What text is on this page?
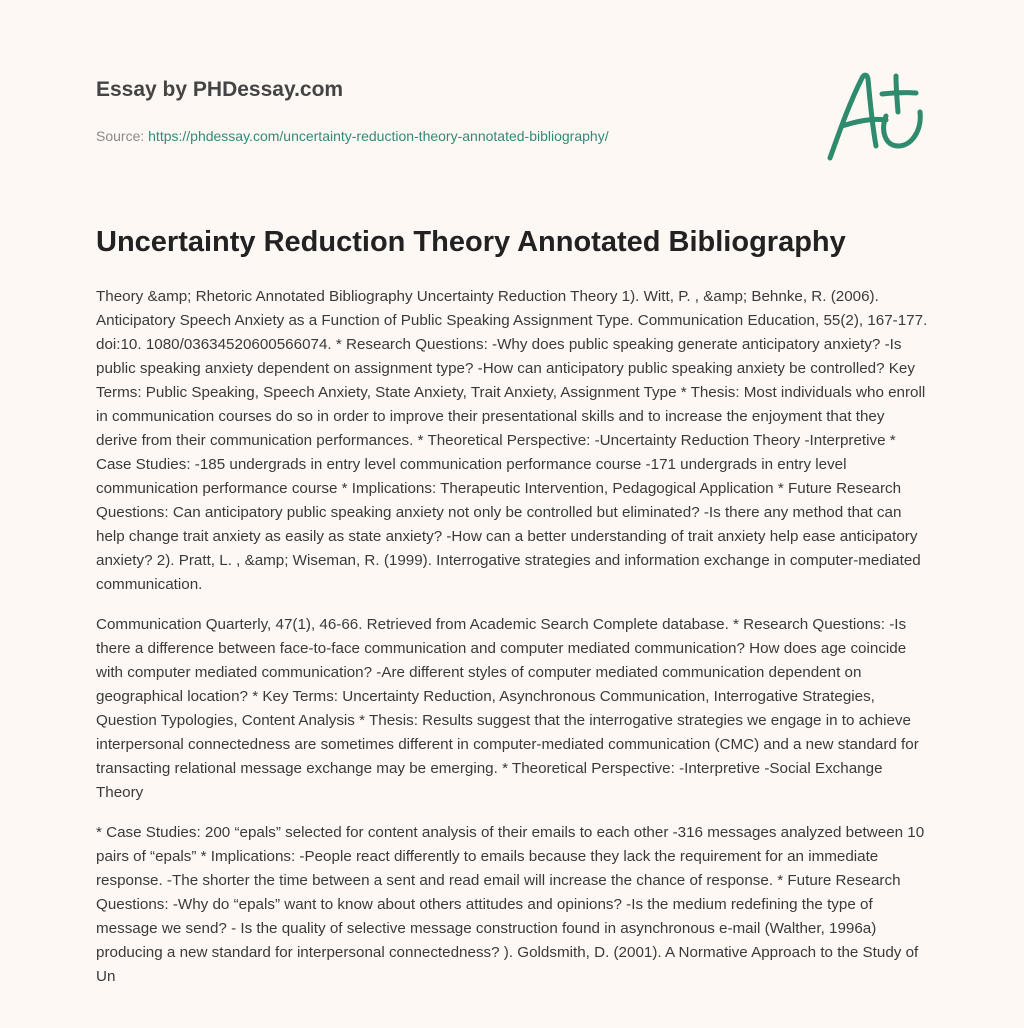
Essay by PHDessay.com
Source: https://phdessay.com/uncertainty-reduction-theory-annotated-bibliography/
Uncertainty Reduction Theory Annotated Bibliography

Theory &amp; Rhetoric Annotated Bibliography Uncertainty Reduction Theory 1). Witt, P. , &amp; Behnke, R. (2006). Anticipatory Speech Anxiety as a Function of Public Speaking Assignment Type. Communication Education, 55(2), 167-177. doi:10. 1080/03634520600566074. * Research Questions: -Why does public speaking generate anticipatory anxiety? -Is public speaking anxiety dependent on assignment type? -How can anticipatory public speaking anxiety be controlled? Key Terms: Public Speaking, Speech Anxiety, State Anxiety, Trait Anxiety, Assignment Type * Thesis: Most individuals who enroll in communication courses do so in order to improve their presentational skills and to increase the enjoyment that they derive from their communication performances. * Theoretical Perspective: -Uncertainty Reduction Theory -Interpretive * Case Studies: -185 undergrads in entry level communication performance course -171 undergrads in entry level communication performance course * Implications: Therapeutic Intervention, Pedagogical Application * Future Research Questions: Can anticipatory public speaking anxiety not only be controlled but eliminated? -Is there any method that can help change trait anxiety as easily as state anxiety? -How can a better understanding of trait anxiety help ease anticipatory anxiety? 2). Pratt, L. , &amp; Wiseman, R. (1999). Interrogative strategies and information exchange in computer-mediated communication.

Communication Quarterly, 47(1), 46-66. Retrieved from Academic Search Complete database. * Research Questions: -Is there a difference between face-to-face communication and computer mediated communication? How does age coincide with computer mediated communication? -Are different styles of computer mediated communication dependent on geographical location? * Key Terms: Uncertainty Reduction, Asynchronous Communication, Interrogative Strategies, Question Typologies, Content Analysis * Thesis: Results suggest that the interrogative strategies we engage in to achieve interpersonal connectedness are sometimes different in computer-mediated communication (CMC) and a new standard for transacting relational message exchange may be emerging. * Theoretical Perspective: -Interpretive -Social Exchange Theory

* Case Studies: 200 “epals” selected for content analysis of their emails to each other -316 messages analyzed between 10 pairs of “epals” * Implications: -People react differently to emails because they lack the requirement for an immediate response. -The shorter the time between a sent and read email will increase the chance of response. * Future Research Questions: -Why do “epals” want to know about others attitudes and opinions? -Is the medium redefining the type of message we send? - Is the quality of selective message construction found in asynchronous e-mail (Walther, 1996a) producing a new standard for interpersonal connectedness? ). Goldsmith, D. (2001). A Normative Approach to the Study of Un
